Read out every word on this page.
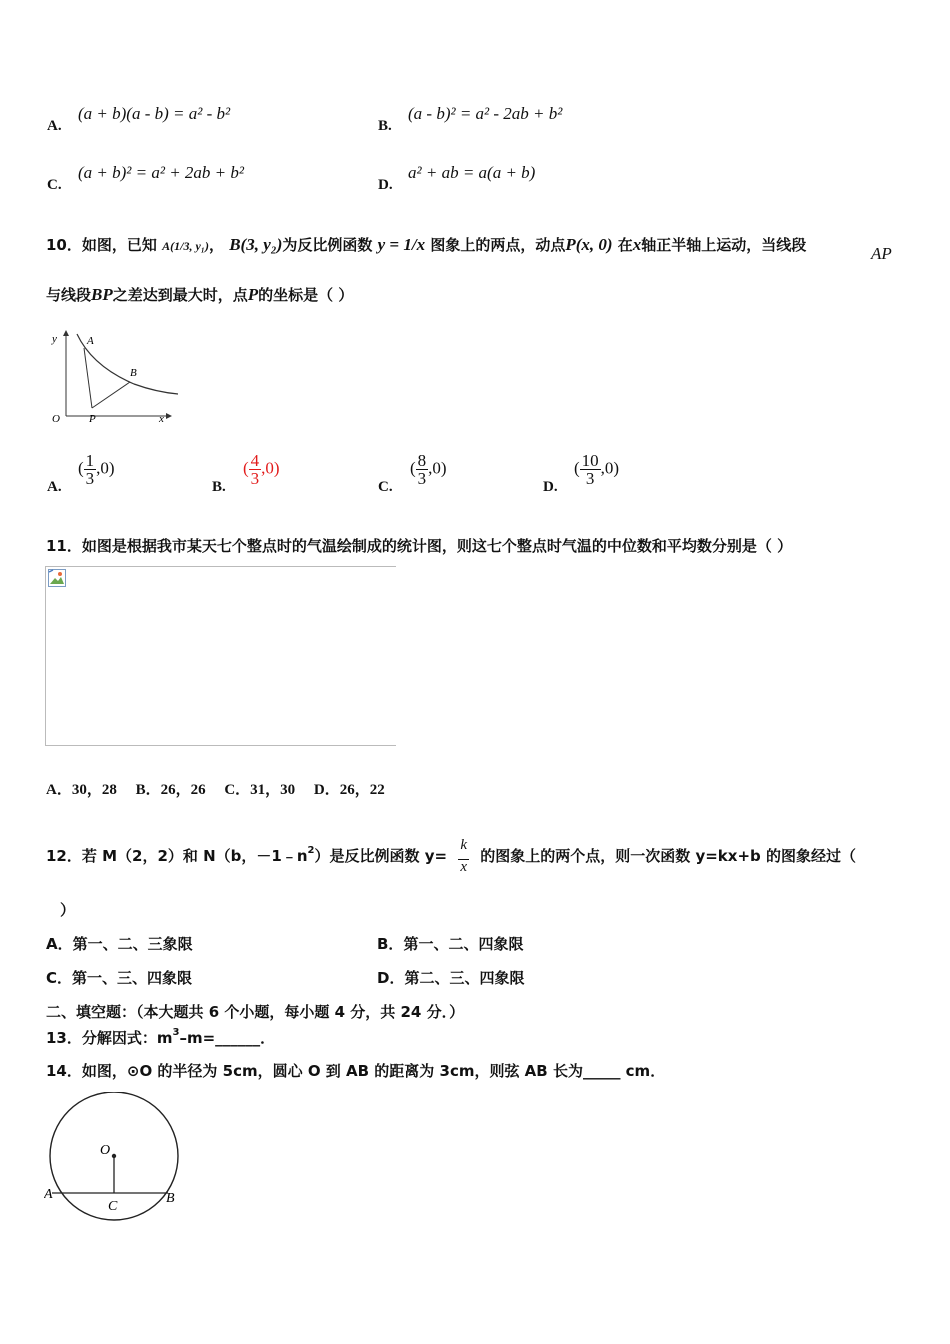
A.
(a + b)(a - b) = a² - b²
B.
(a - b)² = a² - 2ab + b²
C.
(a + b)² = a² + 2ab + b²
D.
a² + ab = a(a + b)
10．如图，已知 A(1/3, y₁)， B(3, y₂)为反比例函数 y = 1/x 图象上的两点，动点P(x, 0) 在x轴正半轴上运动，当线段	AP
与线段BP之差达到最大时，点P的坐标是（ ）
y	A
B
O	P	x
A.
( $\frac{1}{3} ,0$)
B.
( $\frac{4}{3} ,0$)
C.
( $\frac{8}{3} ,0$)
D.
( $\frac{10}{3} ,0$)
11．如图是根据我市某天七个整点时的气温绘制成的统计图，则这七个整点时气温的中位数和平均数分别是（ ）
A．30，28　 B．26，26　 C．31，30　 D．26，22
12．若 M（2，2）和 N（b，$-1﹣n^2$）是反比例函数 $y= \frac{k}{x}$ 的图象上的两个点，则一次函数 y=kx+b 的图象经过（
）
A．第一、二、三象限	B．第一、二、四象限
C．第一、三、四象限	D．第二、三、四象限
二、填空题：（本大题共 6 个小题，每小题 4 分，共 24 分．）
13．分解因式：$m^3-m=\_\_\_\_\_\_$．
14．如图，⊙O 的半径为 5cm，圆心 O 到 AB 的距离为 3cm，则弦 AB 长为_____ cm．
O
A	B
C
